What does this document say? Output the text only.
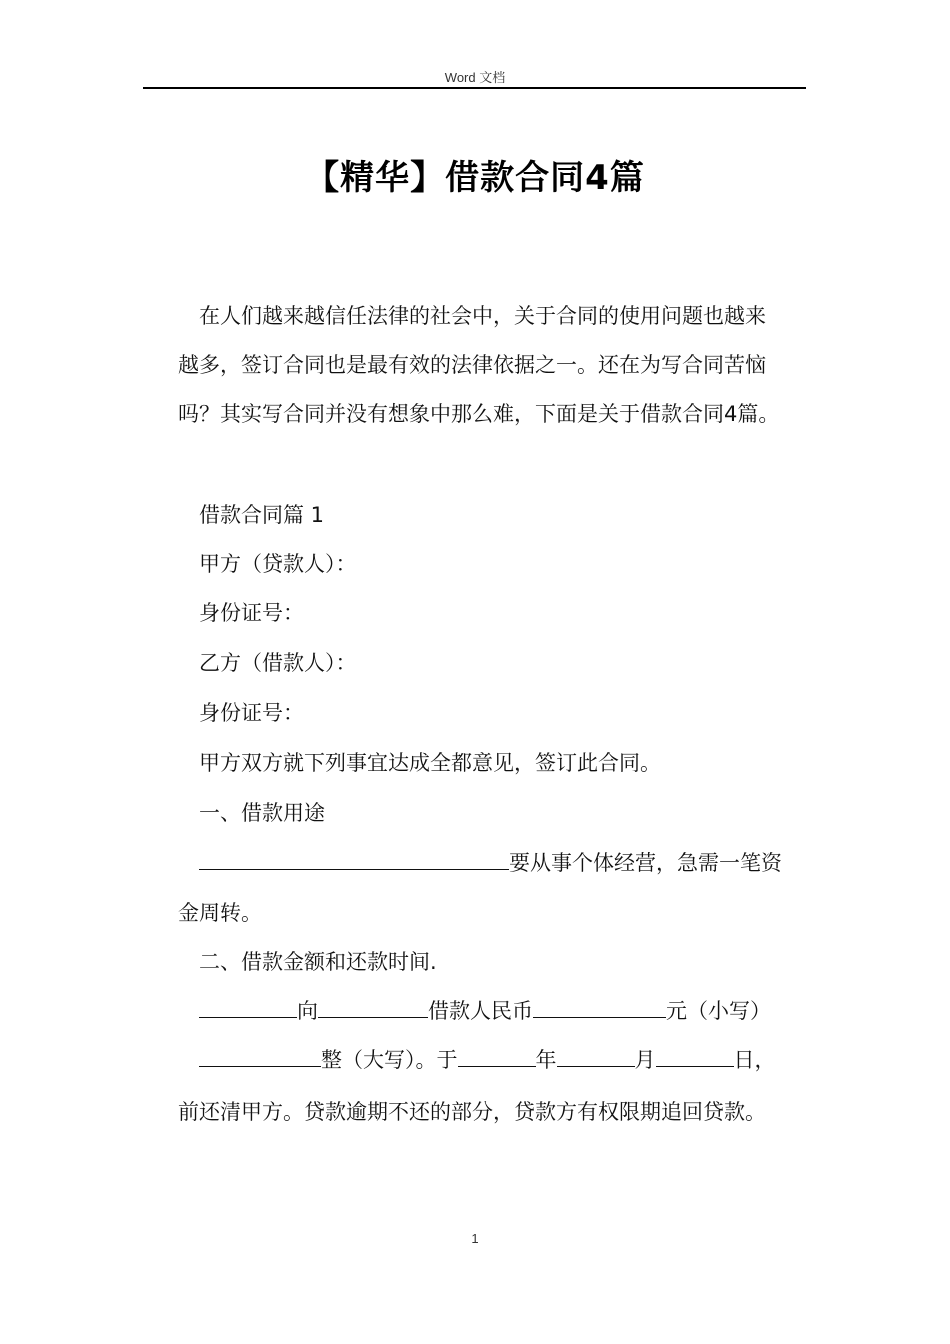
Word 文档
【精华】借款合同4篇
在人们越来越信任法律的社会中，关于合同的使用问题也越来
越多，签订合同也是最有效的法律依据之一。还在为写合同苦恼
吗？其实写合同并没有想象中那么难，下面是关于借款合同4篇。
借款合同篇 1
甲方（贷款人）：
身份证号：
乙方（借款人）：
身份证号：
甲方双方就下列事宜达成全都意见，签订此合同。
一、借款用途
要从事个体经营，急需一笔资
金周转。
二、借款金额和还款时间.
向	借款人民币	元（小写）
整（大写）。于	年	月	日，
前还清甲方。贷款逾期不还的部分，贷款方有权限期追回贷款。
1
